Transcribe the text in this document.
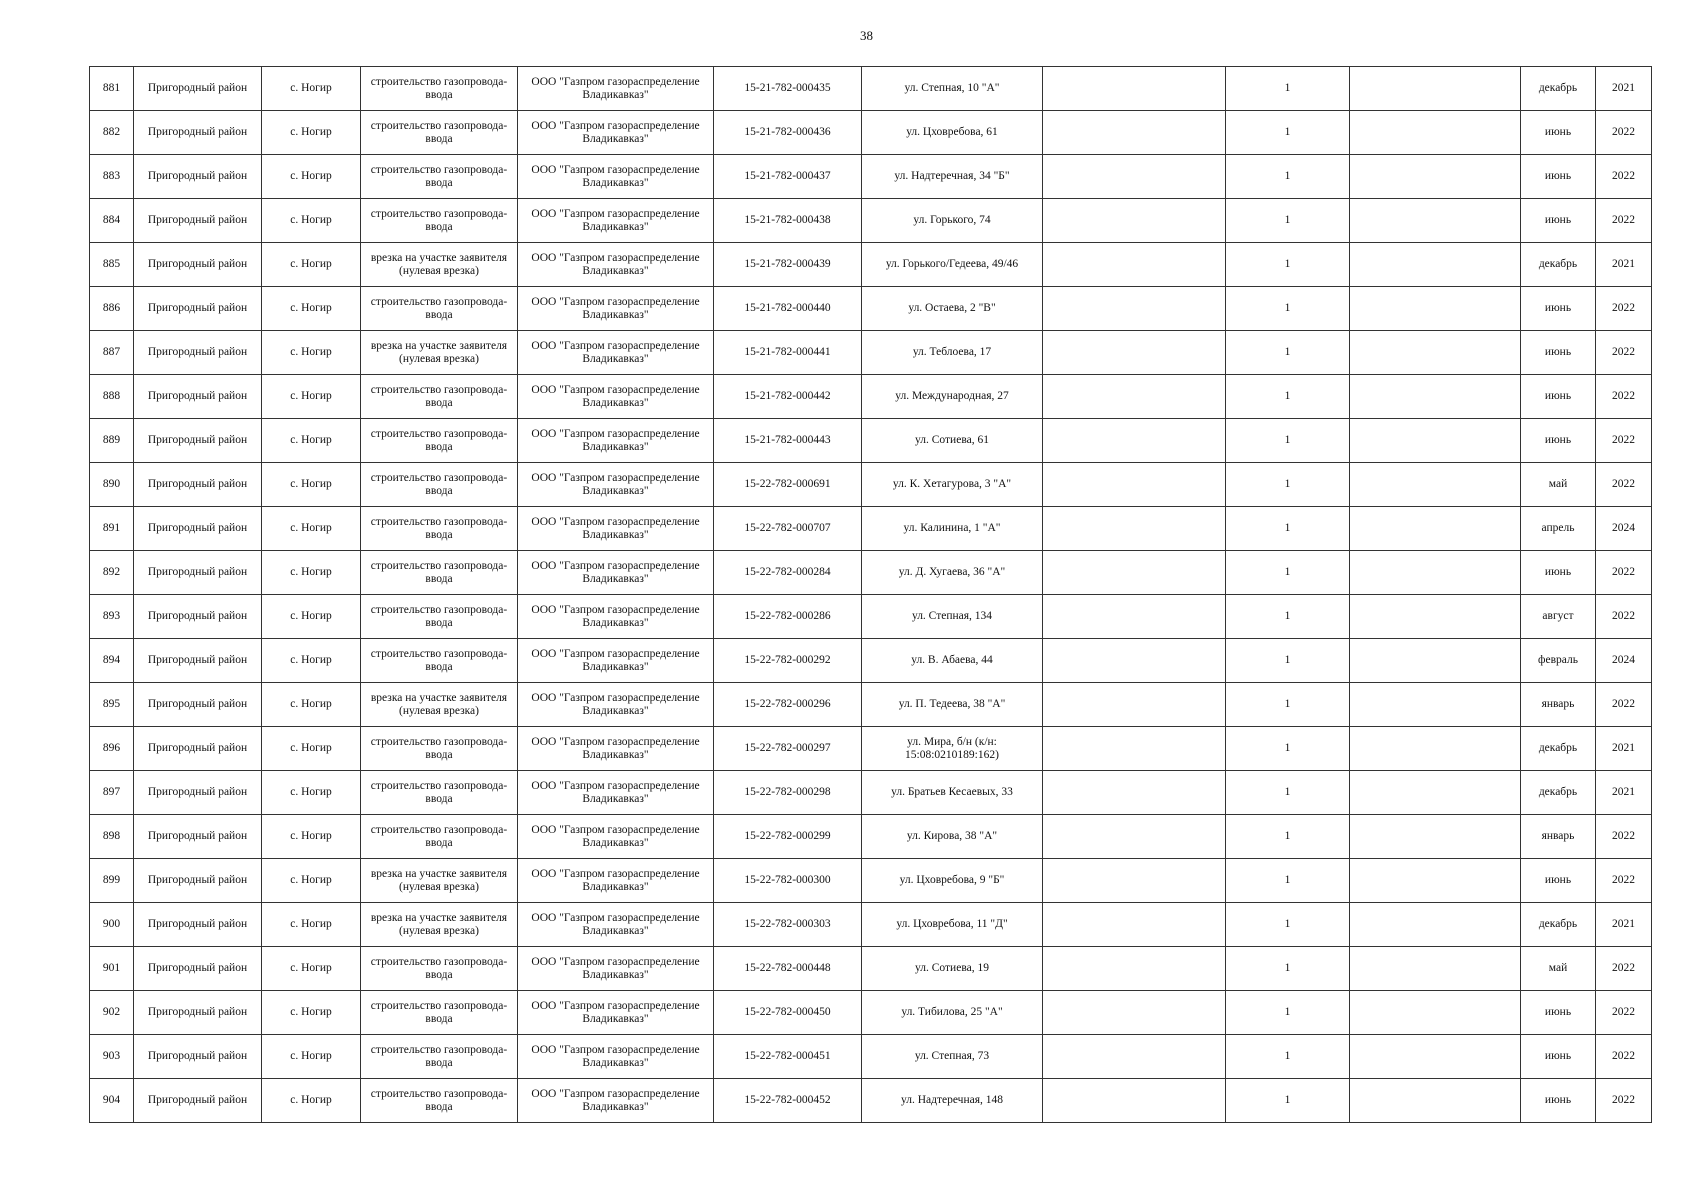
38
881	Пригородный район	с. Ногир	строительство газопровода-ввода	ООО "Газпром газораспределение Владикавказ"	15-21-782-000435	ул. Степная, 10 "А"		1		декабрь	2021
882	Пригородный район	с. Ногир	строительство газопровода-ввода	ООО "Газпром газораспределение Владикавказ"	15-21-782-000436	ул. Цховребова, 61		1		июнь	2022
883	Пригородный район	с. Ногир	строительство газопровода-ввода	ООО "Газпром газораспределение Владикавказ"	15-21-782-000437	ул. Надтеречная, 34 "Б"		1		июнь	2022
884	Пригородный район	с. Ногир	строительство газопровода-ввода	ООО "Газпром газораспределение Владикавказ"	15-21-782-000438	ул. Горького, 74		1		июнь	2022
885	Пригородный район	с. Ногир	врезка на участке заявителя (нулевая врезка)	ООО "Газпром газораспределение Владикавказ"	15-21-782-000439	ул. Горького/Гедеева, 49/46		1		декабрь	2021
886	Пригородный район	с. Ногир	строительство газопровода-ввода	ООО "Газпром газораспределение Владикавказ"	15-21-782-000440	ул. Остаева, 2 "В"		1		июнь	2022
887	Пригородный район	с. Ногир	врезка на участке заявителя (нулевая врезка)	ООО "Газпром газораспределение Владикавказ"	15-21-782-000441	ул. Теблоева, 17		1		июнь	2022
888	Пригородный район	с. Ногир	строительство газопровода-ввода	ООО "Газпром газораспределение Владикавказ"	15-21-782-000442	ул. Международная, 27		1		июнь	2022
889	Пригородный район	с. Ногир	строительство газопровода-ввода	ООО "Газпром газораспределение Владикавказ"	15-21-782-000443	ул. Сотиева, 61		1		июнь	2022
890	Пригородный район	с. Ногир	строительство газопровода-ввода	ООО "Газпром газораспределение Владикавказ"	15-22-782-000691	ул. К. Хетагурова, 3 "А"		1		май	2022
891	Пригородный район	с. Ногир	строительство газопровода-ввода	ООО "Газпром газораспределение Владикавказ"	15-22-782-000707	ул. Калинина, 1 "А"		1		апрель	2024
892	Пригородный район	с. Ногир	строительство газопровода-ввода	ООО "Газпром газораспределение Владикавказ"	15-22-782-000284	ул. Д. Хугаева, 36 "А"		1		июнь	2022
893	Пригородный район	с. Ногир	строительство газопровода-ввода	ООО "Газпром газораспределение Владикавказ"	15-22-782-000286	ул. Степная, 134		1		август	2022
894	Пригородный район	с. Ногир	строительство газопровода-ввода	ООО "Газпром газораспределение Владикавказ"	15-22-782-000292	ул. В. Абаева, 44		1		февраль	2024
895	Пригородный район	с. Ногир	врезка на участке заявителя (нулевая врезка)	ООО "Газпром газораспределение Владикавказ"	15-22-782-000296	ул. П. Тедеева, 38 "А"		1		январь	2022
896	Пригородный район	с. Ногир	строительство газопровода-ввода	ООО "Газпром газораспределение Владикавказ"	15-22-782-000297	ул. Мира, б/н (к/н: 15:08:0210189:162)		1		декабрь	2021
897	Пригородный район	с. Ногир	строительство газопровода-ввода	ООО "Газпром газораспределение Владикавказ"	15-22-782-000298	ул. Братьев Кесаевых, 33		1		декабрь	2021
898	Пригородный район	с. Ногир	строительство газопровода-ввода	ООО "Газпром газораспределение Владикавказ"	15-22-782-000299	ул. Кирова, 38 "А"		1		январь	2022
899	Пригородный район	с. Ногир	врезка на участке заявителя (нулевая врезка)	ООО "Газпром газораспределение Владикавказ"	15-22-782-000300	ул. Цховребова, 9 "Б"		1		июнь	2022
900	Пригородный район	с. Ногир	врезка на участке заявителя (нулевая врезка)	ООО "Газпром газораспределение Владикавказ"	15-22-782-000303	ул. Цховребова, 11 "Д"		1		декабрь	2021
901	Пригородный район	с. Ногир	строительство газопровода-ввода	ООО "Газпром газораспределение Владикавказ"	15-22-782-000448	ул. Сотиева, 19		1		май	2022
902	Пригородный район	с. Ногир	строительство газопровода-ввода	ООО "Газпром газораспределение Владикавказ"	15-22-782-000450	ул. Тибилова, 25 "А"		1		июнь	2022
903	Пригородный район	с. Ногир	строительство газопровода-ввода	ООО "Газпром газораспределение Владикавказ"	15-22-782-000451	ул. Степная, 73		1		июнь	2022
904	Пригородный район	с. Ногир	строительство газопровода-ввода	ООО "Газпром газораспределение Владикавказ"	15-22-782-000452	ул. Надтеречная, 148		1		июнь	2022
